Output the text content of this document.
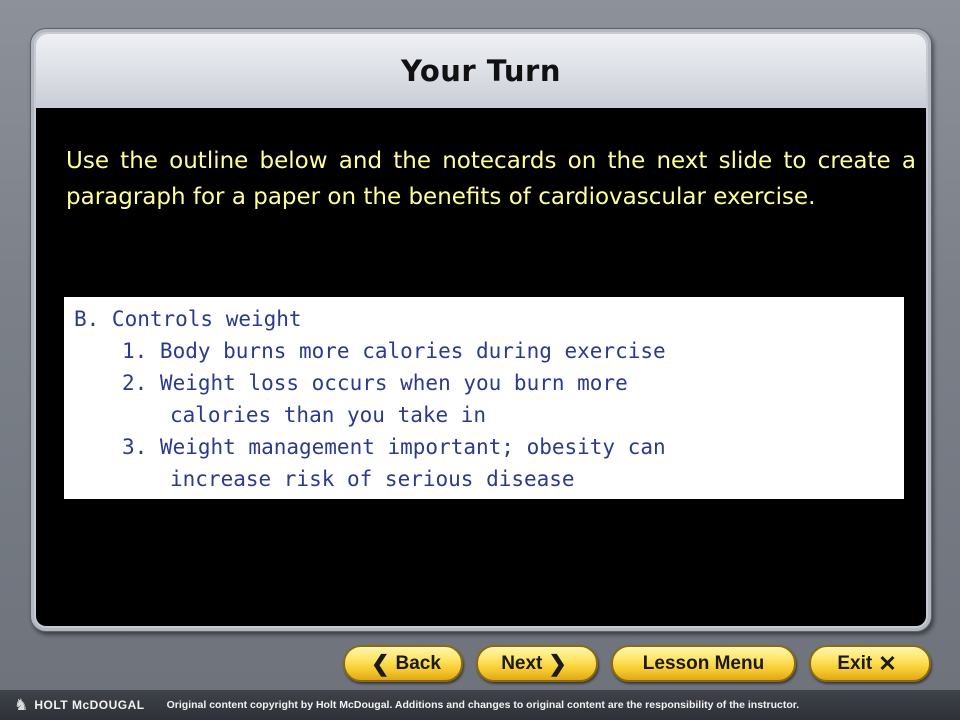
Your Turn

Use the outline below and the notecards on the next slide to create a paragraph for a paper on the benefits of cardiovascular exercise.

B. Controls weight
1. Body burns more calories during exercise
2. Weight loss occurs when you burn more
calories than you take in
3. Weight management important; obesity can
increase risk of serious disease
❮ Back	Next ❯	Lesson Menu	Exit ✕
♞ HOLT McDOUGAL Original content copyright by Holt McDougal. Additions and changes to original content are the responsibility of the instructor.
